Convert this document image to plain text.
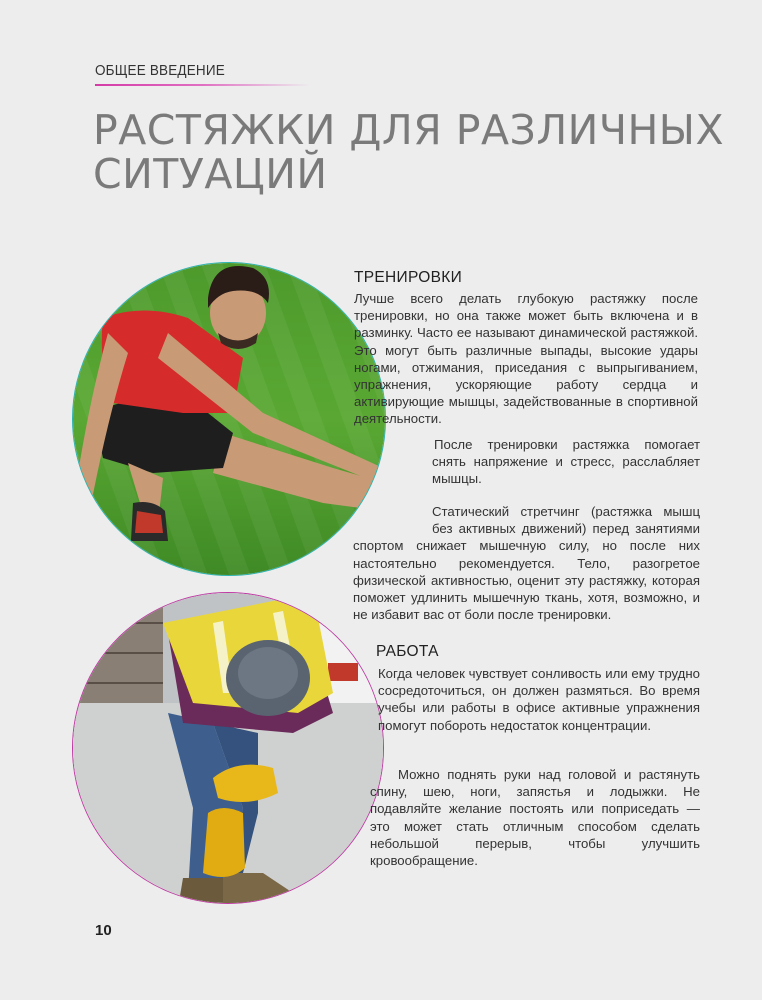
ОБЩЕЕ ВВЕДЕНИЕ
РАСТЯЖКИ ДЛЯ РАЗЛИЧНЫХ СИТУАЦИЙ
ТРЕНИРОВКИ

Лучше всего делать глубокую растяжку после тренировки, но она также может быть включена и в разминку. Часто ее называют динамической растяжкой. Это могут быть различные выпады, высокие удары ногами, отжимания, приседания с выпрыгиванием, упражнения, ускоряющие работу сердца и активирующие мышцы, задействованные в спортивной деятельности.

После тренировки растяжка помогает снять напряжение и стресс, расслабляет мышцы.

Статический стретчинг (растяжка мышц без активных движений) перед занятиями спортом снижает мышечную силу, но после них настоятельно рекомендуется. Тело, разогретое физической активностью, оценит эту растяжку, которая поможет удлинить мышечную ткань, хотя, возможно, и не избавит вас от боли после тренировки.

РАБОТА

Когда человек чувствует сонливость или ему трудно сосредоточиться, он должен размяться. Во время учебы или работы в офисе активные упражнения помогут побороть недостаток концентрации.

Можно поднять руки над головой и растянуть спину, шею, ноги, запястья и лодыжки. Не подавляйте желание постоять или поприседать — это может стать отличным способом сделать небольшой перерыв, чтобы улучшить кровообращение.

10
